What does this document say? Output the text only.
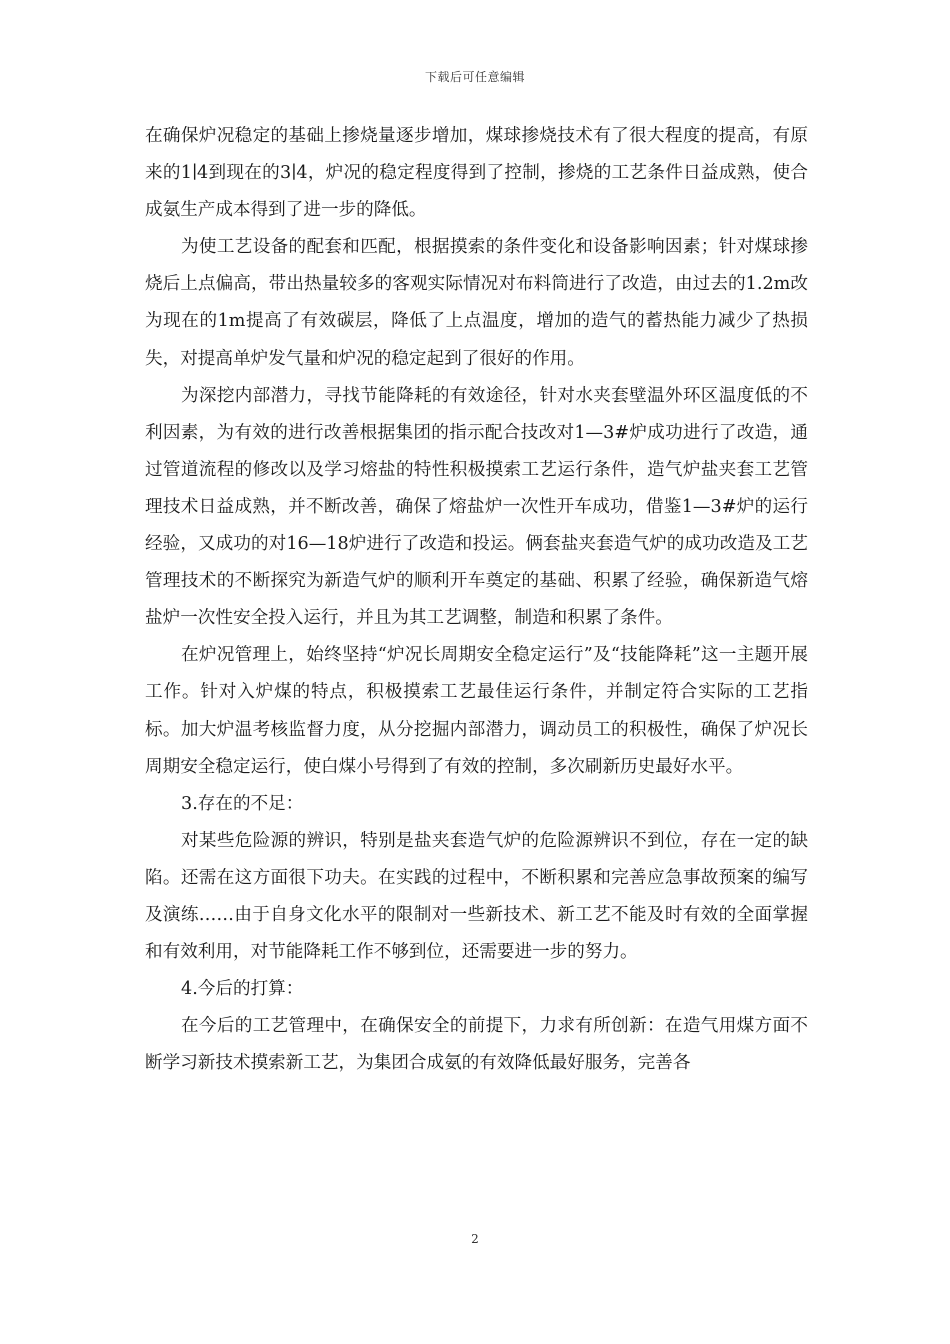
下载后可任意编辑

在确保炉况稳定的基础上掺烧量逐步增加，煤球掺烧技术有了很大程度的提高，有原来的1∣4到现在的3∣4，炉况的稳定程度得到了控制，掺烧的工艺条件日益成熟，使合成氨生产成本得到了进一步的降低。

为使工艺设备的配套和匹配，根据摸索的条件变化和设备影响因素；针对煤球掺烧后上点偏高，带出热量较多的客观实际情况对布料筒进行了改造，由过去的1.2m改为现在的1m提高了有效碳层，降低了上点温度，增加的造气的蓄热能力减少了热损失，对提高单炉发气量和炉况的稳定起到了很好的作用。

为深挖内部潜力，寻找节能降耗的有效途径，针对水夹套壁温外环区温度低的不利因素，为有效的进行改善根据集团的指示配合技改对1—3#炉成功进行了改造，通过管道流程的修改以及学习熔盐的特性积极摸索工艺运行条件，造气炉盐夹套工艺管理技术日益成熟，并不断改善，确保了熔盐炉一次性开车成功，借鉴1—3#炉的运行经验，又成功的对16—18炉进行了改造和投运。俩套盐夹套造气炉的成功改造及工艺管理技术的不断探究为新造气炉的顺利开车奠定的基础、积累了经验，确保新造气熔盐炉一次性安全投入运行，并且为其工艺调整，制造和积累了条件。

在炉况管理上，始终坚持“炉况长周期安全稳定运行”及“技能降耗”这一主题开展工作。针对入炉煤的特点，积极摸索工艺最佳运行条件，并制定符合实际的工艺指标。加大炉温考核监督力度，从分挖掘内部潜力，调动员工的积极性，确保了炉况长周期安全稳定运行，使白煤小号得到了有效的控制，多次刷新历史最好水平。

3.存在的不足：

对某些危险源的辨识，特别是盐夹套造气炉的危险源辨识不到位，存在一定的缺陷。还需在这方面很下功夫。在实践的过程中，不断积累和完善应急事故预案的编写及演练……由于自身文化水平的限制对一些新技术、新工艺不能及时有效的全面掌握和有效利用，对节能降耗工作不够到位，还需要进一步的努力。

4.今后的打算：

在今后的工艺管理中，在确保安全的前提下，力求有所创新：在造气用煤方面不断学习新技术摸索新工艺，为集团合成氨的有效降低最好服务，完善各

2
